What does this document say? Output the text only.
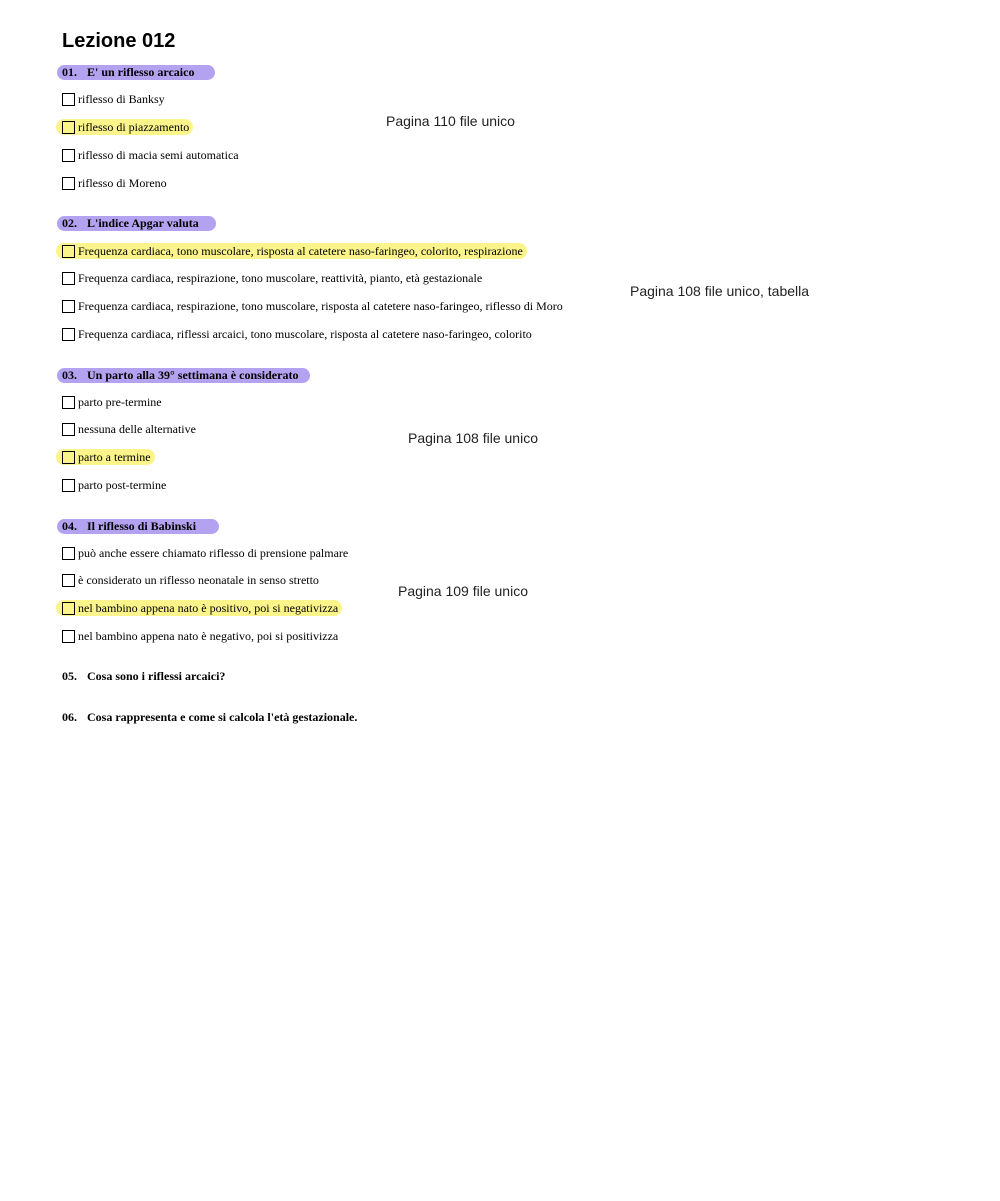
Lezione 012
01. E' un riflesso arcaico
riflesso di Banksy
riflesso di piazzamento
riflesso di macia semi automatica
riflesso di Moreno
Pagina 110 file unico
02. L'indice Apgar valuta
Frequenza cardiaca, tono muscolare, risposta al catetere naso-faringeo, colorito, respirazione
Frequenza cardiaca, respirazione, tono muscolare, reattività, pianto, età gestazionale
Frequenza cardiaca, respirazione, tono muscolare, risposta al catetere naso-faringeo, riflesso di Moro
Frequenza cardiaca, riflessi arcaici, tono muscolare, risposta al catetere naso-faringeo, colorito
Pagina 108 file unico, tabella
03. Un parto alla 39° settimana è considerato
parto pre-termine
nessuna delle alternative
parto a termine
parto post-termine
Pagina 108 file unico
04. Il riflesso di Babinski
può anche essere chiamato riflesso di prensione palmare
è considerato un riflesso neonatale in senso stretto
nel bambino appena nato è positivo, poi si negativizza
nel bambino appena nato è negativo, poi si positivizza
Pagina 109 file unico
05. Cosa sono i riflessi arcaici?
06. Cosa rappresenta e come si calcola l'età gestazionale.
